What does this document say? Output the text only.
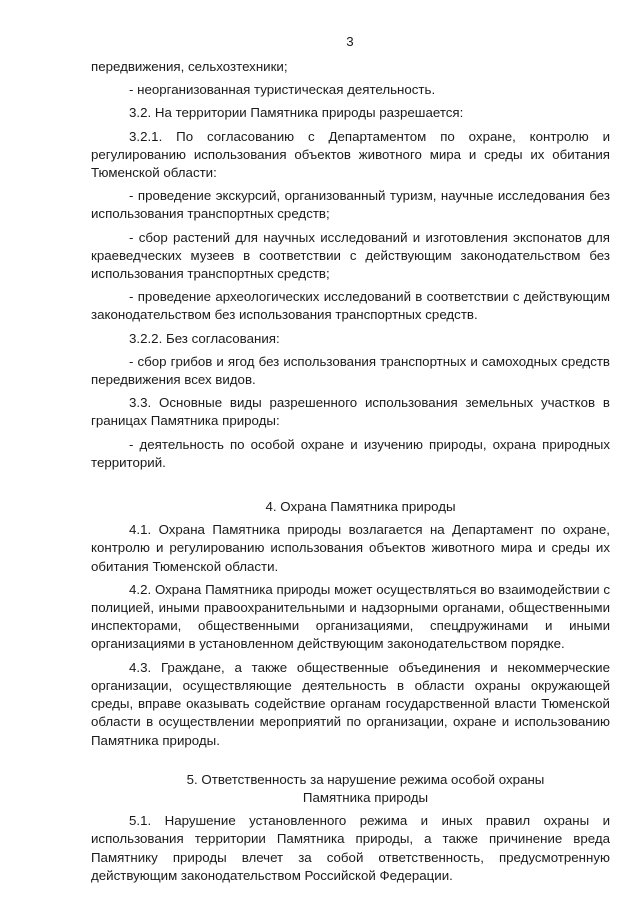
3

передвижения, сельхозтехники;

- неорганизованная туристическая деятельность.

3.2. На территории Памятника природы разрешается:

3.2.1. По согласованию с Департаментом по охране, контролю и регулированию использования объектов животного мира и среды их обитания Тюменской области:

- проведение экскурсий, организованный туризм, научные исследования без использования транспортных средств;

- сбор растений для научных исследований и изготовления экспонатов для краеведческих музеев в соответствии с действующим законодательством без использования транспортных средств;

- проведение археологических исследований в соответствии с действующим законодательством без использования транспортных средств.

3.2.2. Без согласования:

- сбор грибов и ягод без использования транспортных и самоходных средств передвижения всех видов.

3.3. Основные виды разрешенного использования земельных участков в границах Памятника природы:

- деятельность по особой охране и изучению природы, охрана природных территорий.

4. Охрана Памятника природы

4.1. Охрана Памятника природы возлагается на Департамент по охране, контролю и регулированию использования объектов животного мира и среды их обитания Тюменской области.

4.2. Охрана Памятника природы может осуществляться во взаимодействии с полицией, иными правоохранительными и надзорными органами, общественными инспекторами, общественными организациями, спецдружинами и иными организациями в установленном действующим законодательством порядке.

4.3. Граждане, а также общественные объединения и некоммерческие организации, осуществляющие деятельность в области охраны окружающей среды, вправе оказывать содействие органам государственной власти Тюменской области в осуществлении мероприятий по организации, охране и использованию Памятника природы.

5. Ответственность за нарушение режима особой охраны
Памятника природы

5.1. Нарушение установленного режима и иных правил охраны и использования территории Памятника природы, а также причинение вреда Памятнику природы влечет за собой ответственность, предусмотренную действующим законодательством Российской Федерации.
